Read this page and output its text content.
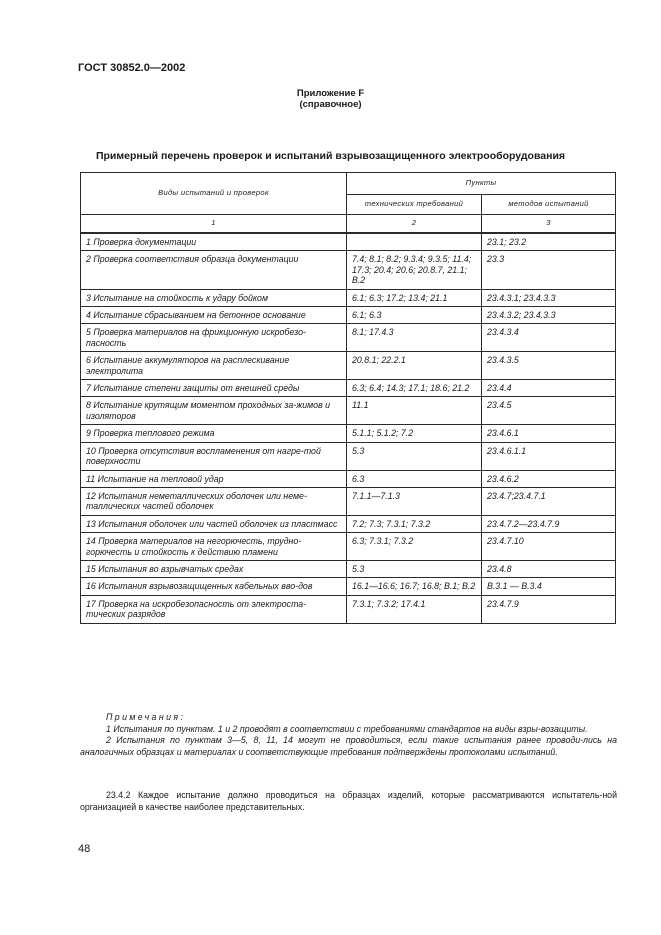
ГОСТ 30852.0—2002
Приложение F
(справочное)
Примерный перечень проверок и испытаний взрывозащищенного электрооборудования
Виды испытаний и проверок	Пункты	
	технических требований	методов испытаний
1	2	3
1 Проверка документации		23.1; 23.2
2 Проверка соответствия образца документации	7.4; 8.1; 8.2; 9.3.4; 9.3.5; 11.4; 17.3; 20.4; 20.6; 20.8.7, 21.1; B.2	23.3
3 Испытание на стойкость к удару бойком	6.1; 6.3; 17.2; 13.4; 21.1	23.4.3.1; 23.4.3.3
4 Испытание сбрасыванием на бетонное основание	6.1; 6.3	23.4.3.2; 23.4.3.3
5 Проверка материалов на фрикционную искробезо-пасность	8.1; 17.4.3	23.4.3.4
6 Испытание аккумуляторов на расплескивание электролита	20.8.1; 22.2.1	23.4.3.5
7 Испытание степени защиты от внешней среды	6.3; 6.4; 14.3; 17.1; 18.6; 21.2	23.4.4
8 Испытание крутящим моментом проходных за-жимов и изоляторов	11.1	23.4.5
9 Проверка теплового режима	5.1.1; 5.1.2; 7.2	23.4.6.1
10 Проверка отсутствия воспламенения от нагре-той поверхности	5.3	23.4.6.1.1
11 Испытание на тепловой удар	6.3	23.4.6.2
12 Испытания неметаллических оболочек или неме-таллических частей оболочек	7.1.1—7.1.3	23.4.7;23.4.7.1
13 Испытания оболочек или частей оболочек из пластмасс	7.2; 7.3; 7.3.1; 7.3.2	23.4.7.2—23.4.7.9
14 Проверка материалов на негорючесть, трудно-горючесть и стойкость к действию пламени	6.3; 7.3.1; 7.3.2	23.4.7.10
15 Испытания во взрывчатых средах	5.3	23.4.8
16 Испытания взрывозащищенных кабельных вво-дов	16.1—16.6; 16.7; 16.8; B.1; B.2	B.3.1 — B.3.4
17 Проверка на искробезопасность от электроста-тических разрядов	7.3.1; 7.3.2; 17.4.1	23.4.7.9
Примечания:

1 Испытания по пунктам. 1 и 2 проводят в соответствии с требованиями стандартов на виды взры-возащиты.

2 Испытания по пунктам 3—5, 8, 11, 14 могут не проводиться, если такие испытания ранее проводи-лись на аналогичных образцах и материалах и соответствующие требования подтверждены протоколами испытаний.

23.4.2 Каждое испытание должно проводиться на образцах изделий, которые рассматриваются испытатель-ной организацией в качестве наиболее представительных.

48
